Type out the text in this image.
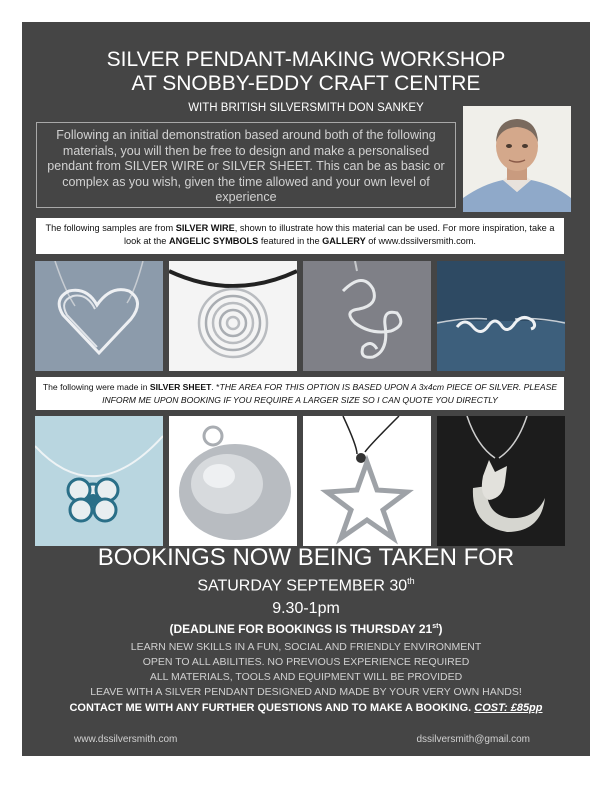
SILVER PENDANT-MAKING WORKSHOP
AT SNOBBY-EDDY CRAFT CENTRE
WITH BRITISH SILVERSMITH DON SANKEY
Following an initial demonstration based around both of the following materials, you will then be free to design and make a personalised pendant from SILVER WIRE or SILVER SHEET. This can be as basic or complex as you wish, given the time allowed and your own level of experience
The following samples are from SILVER WIRE, shown to illustrate how this material can be used. For more inspiration, take a look at the ANGELIC SYMBOLS featured in the GALLERY of www.dssilversmith.com.
The following were made in SILVER SHEET. *THE AREA FOR THIS OPTION IS BASED UPON A 3x4cm PIECE OF SILVER. PLEASE INFORM ME UPON BOOKING IF YOU REQUIRE A LARGER SIZE SO I CAN QUOTE YOU DIRECTLY
BOOKINGS NOW BEING TAKEN FOR
SATURDAY SEPTEMBER 30th
9.30-1pm
(DEADLINE FOR BOOKINGS IS THURSDAY 21st)
LEARN NEW SKILLS IN A FUN, SOCIAL AND FRIENDLY ENVIRONMENT
OPEN TO ALL ABILITIES. NO PREVIOUS EXPERIENCE REQUIRED
ALL MATERIALS, TOOLS AND EQUIPMENT WILL BE PROVIDED
LEAVE WITH A SILVER PENDANT DESIGNED AND MADE BY YOUR VERY OWN HANDS!
CONTACT ME WITH ANY FURTHER QUESTIONS AND TO MAKE A BOOKING. COST: £85pp
www.dssilversmith.com	dssilversmith@gmail.com
